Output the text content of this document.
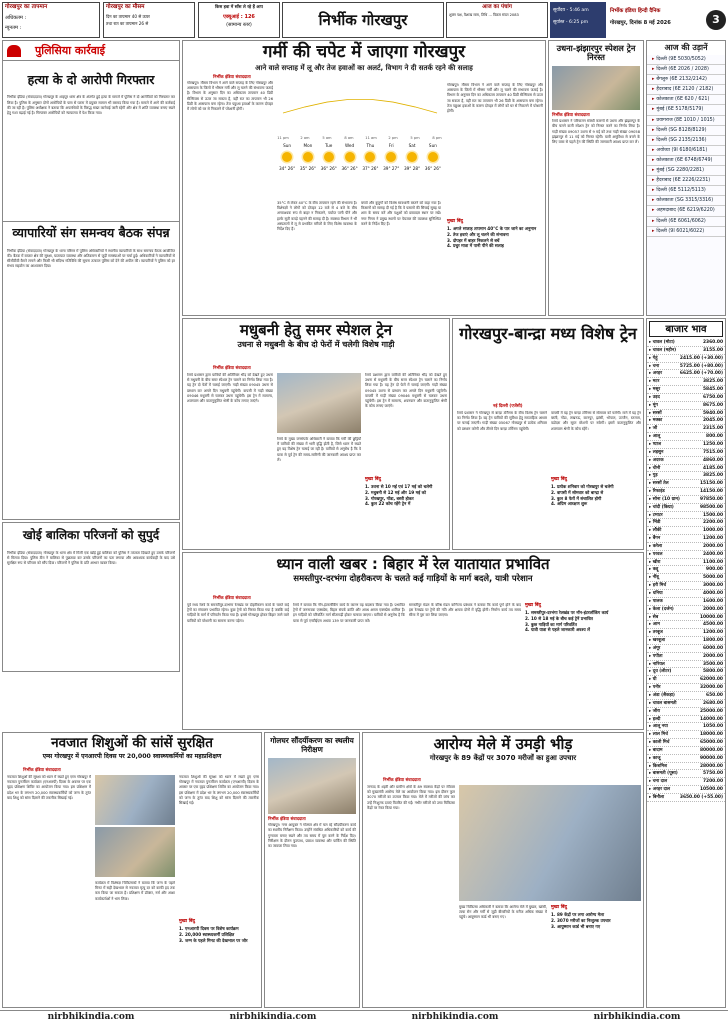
गोरखपुर का तापमान
अधिकतम :
न्यूनतम :
गोरखपुर का मौसम
दिन का तापमान 40 से ऊपर
तथा रात का तापमान 26 से
किस हवा में साँस ले रहे हैं आप
एक्यूआई : 126
(सामान्य स्तर)	निर्भीक गोरखपुर
आज का पंचांग
शुक्ल पक्ष, वैशाख मास, तिथि ... विक्रम संवत 2083
सूर्योदय - 5:46 am
सूर्यास्त - 6:25 pm
निर्भीक इंडिया हिन्दी दैनिक
गोरखपुर, दिनांक 8 मई 2026	3
पुलिसिया कार्रवाई
हत्या के दो आरोपी गिरफ्तार
निर्भीक इंडिया (संवाददाता) गोरखपुर के शाहपुर थाना क्षेत्र के अंतर्गत हुई हत्या के मामले में पुलिस ने दो आरोपियों को गिरफ्तार कर लिया है। पुलिस के अनुसार दोनों आरोपियों के पास से घटना में प्रयुक्त सामान भी बरामद किया गया है। मामले में आगे की कार्रवाई की जा रही है। पुलिस अधीक्षक ने बताया कि अपराधियों के विरुद्ध सख्त कार्रवाई जारी रहेगी और क्षेत्र में शांति व्यवस्था बनाए रखने हेतु गश्त बढ़ाई गई है। गिरफ्तार आरोपियों को न्यायालय में पेश किया गया।
व्यापारियों संग समन्वय बैठक संपन्न
निर्भीक इंडिया (संवाददाता) गोरखपुर के थाना परिसर में पुलिस अधिकारियों ने स्थानीय व्यापारियों के साथ समन्वय बैठक आयोजित की। बैठक में बाजार क्षेत्र की सुरक्षा, यातायात व्यवस्था और अतिक्रमण से जुड़ी समस्याओं पर चर्चा हुई। अधिकारियों ने व्यापारियों से सीसीटीवी कैमरे लगाने और किसी भी संदिग्ध गतिविधि की सूचना तत्काल पुलिस को देने की अपील की। व्यापारियों ने पुलिस को हर संभव सहयोग का आश्वासन दिया।
खोई बालिका परिजनों को सुपुर्द
निर्भीक इंडिया (संवाददाता) गोरखपुर के थाना क्षेत्र में मिली एक खोई हुई बालिका को पुलिस ने तत्परता दिखाते हुए उसके परिजनों से मिलवा दिया। पुलिस टीम ने बालिका से पूछताछ कर उसके परिजनों का पता लगाया और आवश्यक कार्यवाही के बाद उसे सुरक्षित रूप से परिवार को सौंप दिया। परिजनों ने पुलिस के प्रति आभार व्यक्त किया।
गर्मी की चपेट में जाएगा गोरखपुर
आने वाले सप्ताह में लू और तेज हवाओं का अलर्ट, विभाग ने दी सतर्क रहने की सलाह
निर्भीक इंडिया संवाददाता
गोरखपुर। मौसम विभाग ने आने वाले सप्ताह के लिए गोरखपुर और आसपास के जिलों में भीषण गर्मी और लू चलने की संभावना जताई है। विभाग के अनुसार दिन का अधिकतम तापमान 40 डिग्री सेल्सियस से ऊपर जा सकता है, वहीं रात का तापमान भी 26 डिग्री के आसपास बना रहेगा। तेज पछुआ हवाओं के कारण दोपहर में लोगों को घर से निकलने में परेशानी होगी।
11 pm	2 am	5 am	8 am	11 am	2 pm	5 pm	8 pm
Sun
34° 26°
Mon
35° 26°
Tue
36° 26°
Wed
36° 26°
Thu
37° 26°
Fri
39° 27°
Sat
39° 28°
Sun
36° 26°
35°C से लेकर 40°C के बीच तापमान रहने की संभावना है। विशेषज्ञों ने लोगों को दोपहर 12 बजे से 4 बजे के बीच अनावश्यक रूप से बाहर न निकलने, पर्याप्त पानी पीने और हल्के सूती कपड़े पहनने की सलाह दी है। स्वास्थ्य विभाग ने भी अस्पतालों में लू से प्रभावित मरीजों के लिए विशेष व्यवस्था के निर्देश दिए हैं।
बच्चों और बुजुर्गों को विशेष सावधानी बरतने को कहा गया है। किसानों को सलाह दी गई है कि वे फसलों की सिंचाई सुबह या शाम के समय करें और पशुओं को छायादार स्थान पर रखें। नगर निगम ने प्रमुख स्थानों पर पेयजल की व्यवस्था सुनिश्चित करने के निर्देश दिए हैं।
गोरखपुर। मौसम विभाग ने आने वाले सप्ताह के लिए गोरखपुर और आसपास के जिलों में भीषण गर्मी और लू चलने की संभावना जताई है। विभाग के अनुसार दिन का अधिकतम तापमान 40 डिग्री सेल्सियस से ऊपर जा सकता है, वहीं रात का तापमान भी 26 डिग्री के आसपास बना रहेगा। तेज पछुआ हवाओं के कारण दोपहर में लोगों को घर से निकलने में परेशानी होगी।
मुख्य बिंदु
1. अगले सप्ताह तापमान 40°C के पार जाने का अनुमान
2. तेज हवाएं और लू चलने की संभावना
3. दोपहर में बाहर निकलने से बचें
4. प्रचुर मात्रा में पानी पीने की सलाह
उधना-झंझारपुर स्पेशल ट्रेन निरस्त
निर्भीक इंडिया संवाददाता
रेलवे प्रशासन ने परिचालन संबंधी कारणों से उधना और झंझारपुर के बीच चलने वाली स्पेशल ट्रेन को निरस्त करने का निर्णय लिया है। गाड़ी संख्या 09057 उधना से 9 मई को तथा गाड़ी संख्या 09058 झंझारपुर से 11 मई को निरस्त रहेगी। यात्री असुविधा से बचने के लिए यात्रा से पहले ट्रेन की स्थिति की जानकारी अवश्य प्राप्त कर लें।
आज की उड़ानें
▸ दिल्ली (9E 5030/5052)
▸ दिल्ली (6E 2026 / 2028)
▸ बेंगलुरु (6E 2132/2142)
▸ हैदराबाद (6E 2120 / 2182)
▸ कोलकाता (6E 620 / 621)
▸ मुंबई (6E 5178/5179)
▸ प्रयागराज (8E 1010 / 1015)
▸ दिल्ली (SG 8128/8129)
▸ दिल्ली (SG 2135/2136)
▸ अयोध्या (9I 6180/6181)
▸ कोलकाता (6E 6748/6749)
▸ मुंबई (SG 2280/2281)
▸ हैदराबाद (6E 2226/2231)
▸ दिल्ली (6E 5112/5113)
▸ कोलकाता (SG 3315/3316)
▸ अहमदाबाद (6E 6219/6220)
▸ दिल्ली (6E 6061/6062)
▸ दिल्ली (9I 6021/6022)
मधुबनी हेतु समर स्पेशल ट्रेन
उधना से मधुबनी के बीच दो फेरों में चलेगी विशेष गाड़ी
निर्भीक इंडिया संवाददाता
रेलवे प्रशासन द्वारा यात्रियों की अतिरिक्त भीड़ को देखते हुए उधना से मधुबनी के बीच समर स्पेशल ट्रेन चलाने का निर्णय लिया गया है। यह ट्रेन दो फेरों में चलाई जाएगी। गाड़ी संख्या 09045 उधना से प्रस्थान कर अगले दिन मधुबनी पहुंचेगी। वापसी में गाड़ी संख्या 09046 मधुबनी से चलकर उधना पहुंचेगी। इस ट्रेन में सामान्य, शयनयान और वातानुकूलित श्रेणी के कोच लगाए जाएंगे।
रेलवे के मुख्य जनसंपर्क अधिकारी ने बताया कि गर्मी की छुट्टियों में यात्रियों की संख्या में भारी वृद्धि होती है, जिसे ध्यान में रखते हुए यह विशेष ट्रेन चलाई जा रही है। यात्रियों से अनुरोध है कि वे यात्रा से पूर्व ट्रेन की समय-सारिणी की जानकारी अवश्य प्राप्त कर लें।
रेलवे प्रशासन द्वारा यात्रियों की अतिरिक्त भीड़ को देखते हुए उधना से मधुबनी के बीच समर स्पेशल ट्रेन चलाने का निर्णय लिया गया है। यह ट्रेन दो फेरों में चलाई जाएगी। गाड़ी संख्या 09045 उधना से प्रस्थान कर अगले दिन मधुबनी पहुंचेगी। वापसी में गाड़ी संख्या 09046 मधुबनी से चलकर उधना पहुंचेगी। इस ट्रेन में सामान्य, शयनयान और वातानुकूलित श्रेणी के कोच लगाए जाएंगे।
मुख्य बिंदु
1. उधना से 10 मई एवं 17 मई को चलेगी
2. मधुबनी से 12 मई और 19 मई को
3. गोरखपुर, गोंडा, बस्ती होकर
4. कुल 22 कोच रहेंगे ट्रेन में
गोरखपुर-बान्द्रा मध्य विशेष ट्रेन
नई दिल्ली (एजेंसी)
रेलवे प्रशासन ने गोरखपुर से बान्द्रा टर्मिनस के बीच विशेष ट्रेन चलाने का निर्णय लिया है। यह ट्रेन यात्रियों की सुविधा हेतु साप्ताहिक आधार पर चलाई जाएगी। गाड़ी संख्या 05067 गोरखपुर से प्रत्येक शनिवार को प्रस्थान करेगी और तीसरे दिन बान्द्रा टर्मिनस पहुंचेगी।
वापसी में यह ट्रेन बान्द्रा टर्मिनस से सोमवार को चलेगी। मार्ग में यह ट्रेन बस्ती, गोंडा, लखनऊ, कानपुर, झांसी, भोपाल, उज्जैन, रतलाम, वडोदरा और सूरत स्टेशनों पर रुकेगी। इसमें वातानुकूलित और शयनयान श्रेणी के कोच रहेंगे।
मुख्य बिंदु
1. प्रत्येक शनिवार को गोरखपुर से चलेगी
2. वापसी में सोमवार को बान्द्रा से
3. कुल 8 फेरों में संचालित होगी
4. अग्रिम आरक्षण शुरू
बाजार भाव
▸ चावल (मोटा)	2360.00
▸ चावल (महीन)	3155.00
▸ गेहूं	2415.00 (+30.00)
▸ चना	5725.00 (+80.00)
▸ अरहर	6625.00 (+70.00)
▸ मटर	3825.00
▸ मसूर	5845.00
▸ उड़द	6750.00
▸ मूंग	8675.00
▸ सरसों	5940.00
▸ मक्का	2045.00
▸ जौ	2315.00
▸ आलू	800.00
▸ प्याज	1250.00
▸ लहसुन	7515.00
▸ अदरक	4860.00
▸ चीनी	4185.00
▸ गुड़	3825.00
▸ सरसों तेल	15150.00
▸ रिफाइंड	14150.00
▸ सोना (10 ग्राम)	97850.00
▸ चांदी (किग्रा)	98500.00
▸ टमाटर	1500.00
▸ भिंडी	2200.00
▸ लौकी	1000.00
▸ बैंगन	1200.00
▸ करेला	2000.00
▸ परवल	2400.00
▸ खीरा	1100.00
▸ कद्दू	900.00
▸ नींबू	5000.00
▸ हरी मिर्च	3000.00
▸ धनिया	4000.00
▸ पालक	1600.00
▸ केला (दर्जन)	2000.00
▸ सेब	10000.00
▸ आम	4500.00
▸ तरबूज	1200.00
▸ खरबूजा	1800.00
▸ अंगूर	6000.00
▸ पपीता	2000.00
▸ नारियल	3500.00
▸ दूध (लीटर)	5800.00
▸ घी	62000.00
▸ पनीर	32000.00
▸ अंडा (सैकड़ा)	650.00
▸ चावल बासमती	2680.00
▸ जीरा	25000.00
▸ हल्दी	14000.00
▸ आलू नया	1050.00
▸ लाल मिर्च	18000.00
▸ काली मिर्च	65000.00
▸ बादाम	80000.00
▸ काजू	90000.00
▸ किशमिश	28000.00
▸ बासमती (पूसा)	5750.00
▸ चना दाल	7200.00
▸ अरहर दाल	10500.00
▸ बिनौला	3650.00 (+55.00)
ध्यान वाली खबर : बिहार में रेल यातायात प्रभावित
समस्तीपुर-दरभंगा दोहरीकरण के चलते कई गाड़ियों के मार्ग बदले, यात्री परेशान
निर्भीक इंडिया संवाददाता
पूर्व मध्य रेलवे के समस्तीपुर-दरभंगा रेलखंड पर दोहरीकरण कार्य के चलते कई ट्रेनों का संचालन प्रभावित रहेगा। कुछ ट्रेनों को निरस्त किया गया है जबकि कई गाड़ियों के मार्ग में परिवर्तन किया गया है। इससे गोरखपुर होकर बिहार जाने वाले यात्रियों को परेशानी का सामना करना पड़ेगा।
रेलवे ने बताया कि नॉन-इंटरलॉकिंग कार्य के कारण यह बदलाव किया गया है। प्रभावित ट्रेनों में जननायक एक्सप्रेस, बिहार संपर्क क्रांति और अवध असम एक्सप्रेस शामिल हैं। इन गाड़ियों को परिवर्तित मार्ग सीतामढ़ी होकर चलाया जाएगा। यात्रियों से अनुरोध है कि यात्रा से पूर्व एनटीईएस अथवा 139 पर जानकारी प्राप्त करें।
समस्तीपुर मंडल के वरिष्ठ मंडल वाणिज्य प्रबंधक ने बताया कि कार्य पूर्ण होने के बाद इस रेलखंड पर ट्रेनों की गति और क्षमता दोनों में वृद्धि होगी। निर्माण कार्य तय समय सीमा में पूरा कर लिया जाएगा।
मुख्य बिंदु
1. समस्तीपुर-दरभंगा रेलखंड पर नॉन-इंटरलॉकिंग कार्य
2. 10 से 18 मई के बीच कई ट्रेनें प्रभावित
3. कुछ गाड़ियों का मार्ग परिवर्तित
4. यात्री यात्रा से पहले जानकारी अवश्य लें
नवजात शिशुओं की सांसें सुरक्षित
एम्स गोरखपुर में एनआरपी दिवस पर 20,000 स्वास्थ्यकर्मियों का महाप्रशिक्षण
निर्भीक इंडिया संवाददाता
नवजात शिशुओं की सुरक्षा को ध्यान में रखते हुए एम्स गोरखपुर में नवजात पुनर्जीवन कार्यक्रम (एनआरपी) दिवस के अवसर पर एक वृहद प्रशिक्षण शिविर का आयोजन किया गया। इस प्रशिक्षण में प्रदेश भर के लगभग 20,000 स्वास्थ्यकर्मियों को जन्म के तुरंत बाद शिशु को सांस दिलाने की तकनीक सिखाई गई।
कार्यक्रम में विशेषज्ञ चिकित्सकों ने बताया कि जन्म के पहले मिनट में सही देखभाल से नवजात मृत्यु दर को काफी हद तक कम किया जा सकता है। प्रशिक्षण में डॉक्टर, नर्स और आशा कार्यकर्ताओं ने भाग लिया।
नवजात शिशुओं की सुरक्षा को ध्यान में रखते हुए एम्स गोरखपुर में नवजात पुनर्जीवन कार्यक्रम (एनआरपी) दिवस के अवसर पर एक वृहद प्रशिक्षण शिविर का आयोजन किया गया। इस प्रशिक्षण में प्रदेश भर के लगभग 20,000 स्वास्थ्यकर्मियों को जन्म के तुरंत बाद शिशु को सांस दिलाने की तकनीक सिखाई गई।
मुख्य बिंदु
1. एनआरपी दिवस पर विशेष कार्यक्रम
2. 20,000 स्वास्थ्यकर्मी प्रशिक्षित
3. जन्म के पहले मिनट की देखभाल पर जोर
गोलघर सौंदर्यीकरण का स्थलीय निरीक्षण
निर्भीक इंडिया संवाददाता
गोरखपुर। नगर आयुक्त ने गोलघर क्षेत्र में चल रहे सौंदर्यीकरण कार्य का स्थलीय निरीक्षण किया। उन्होंने संबंधित अधिकारियों को कार्य की गुणवत्ता बनाए रखने और तय समय में पूरा करने के निर्देश दिए। निरीक्षण के दौरान फुटपाथ, प्रकाश व्यवस्था और पार्किंग की स्थिति का जायजा लिया गया।
आरोग्य मेले में उमड़ी भीड़
गोरखपुर के 89 केंद्रों पर 3070 मरीजों का हुआ उपचार
निर्भीक इंडिया संवाददाता
जनपद के शहरी और ग्रामीण क्षेत्रों के 89 स्वास्थ्य केंद्रों पर रविवार को मुख्यमंत्री आरोग्य मेले का आयोजन किया गया। इस दौरान कुल 3070 मरीजों का उपचार किया गया। मेले में मरीजों की जांच कर उन्हें निःशुल्क दवाएं वितरित की गईं। गंभीर मरीजों को उच्च चिकित्सा केंद्रों पर रेफर किया गया।
मुख्य चिकित्सा अधिकारी ने बताया कि आरोग्य मेले में बुखार, खांसी, त्वचा रोग और गर्मी से जुड़ी बीमारियों के मरीज अधिक संख्या में पहुंचे। आयुष्मान कार्ड भी बनाए गए।
मुख्य बिंदु
1. 89 केंद्रों पर लगा आरोग्य मेला
2. 3070 मरीजों का निःशुल्क उपचार
3. आयुष्मान कार्ड भी बनाए गए
nirbhikindia.com	nirbhikindia.com	nirbhikindia.com	nirbhikindia.com
